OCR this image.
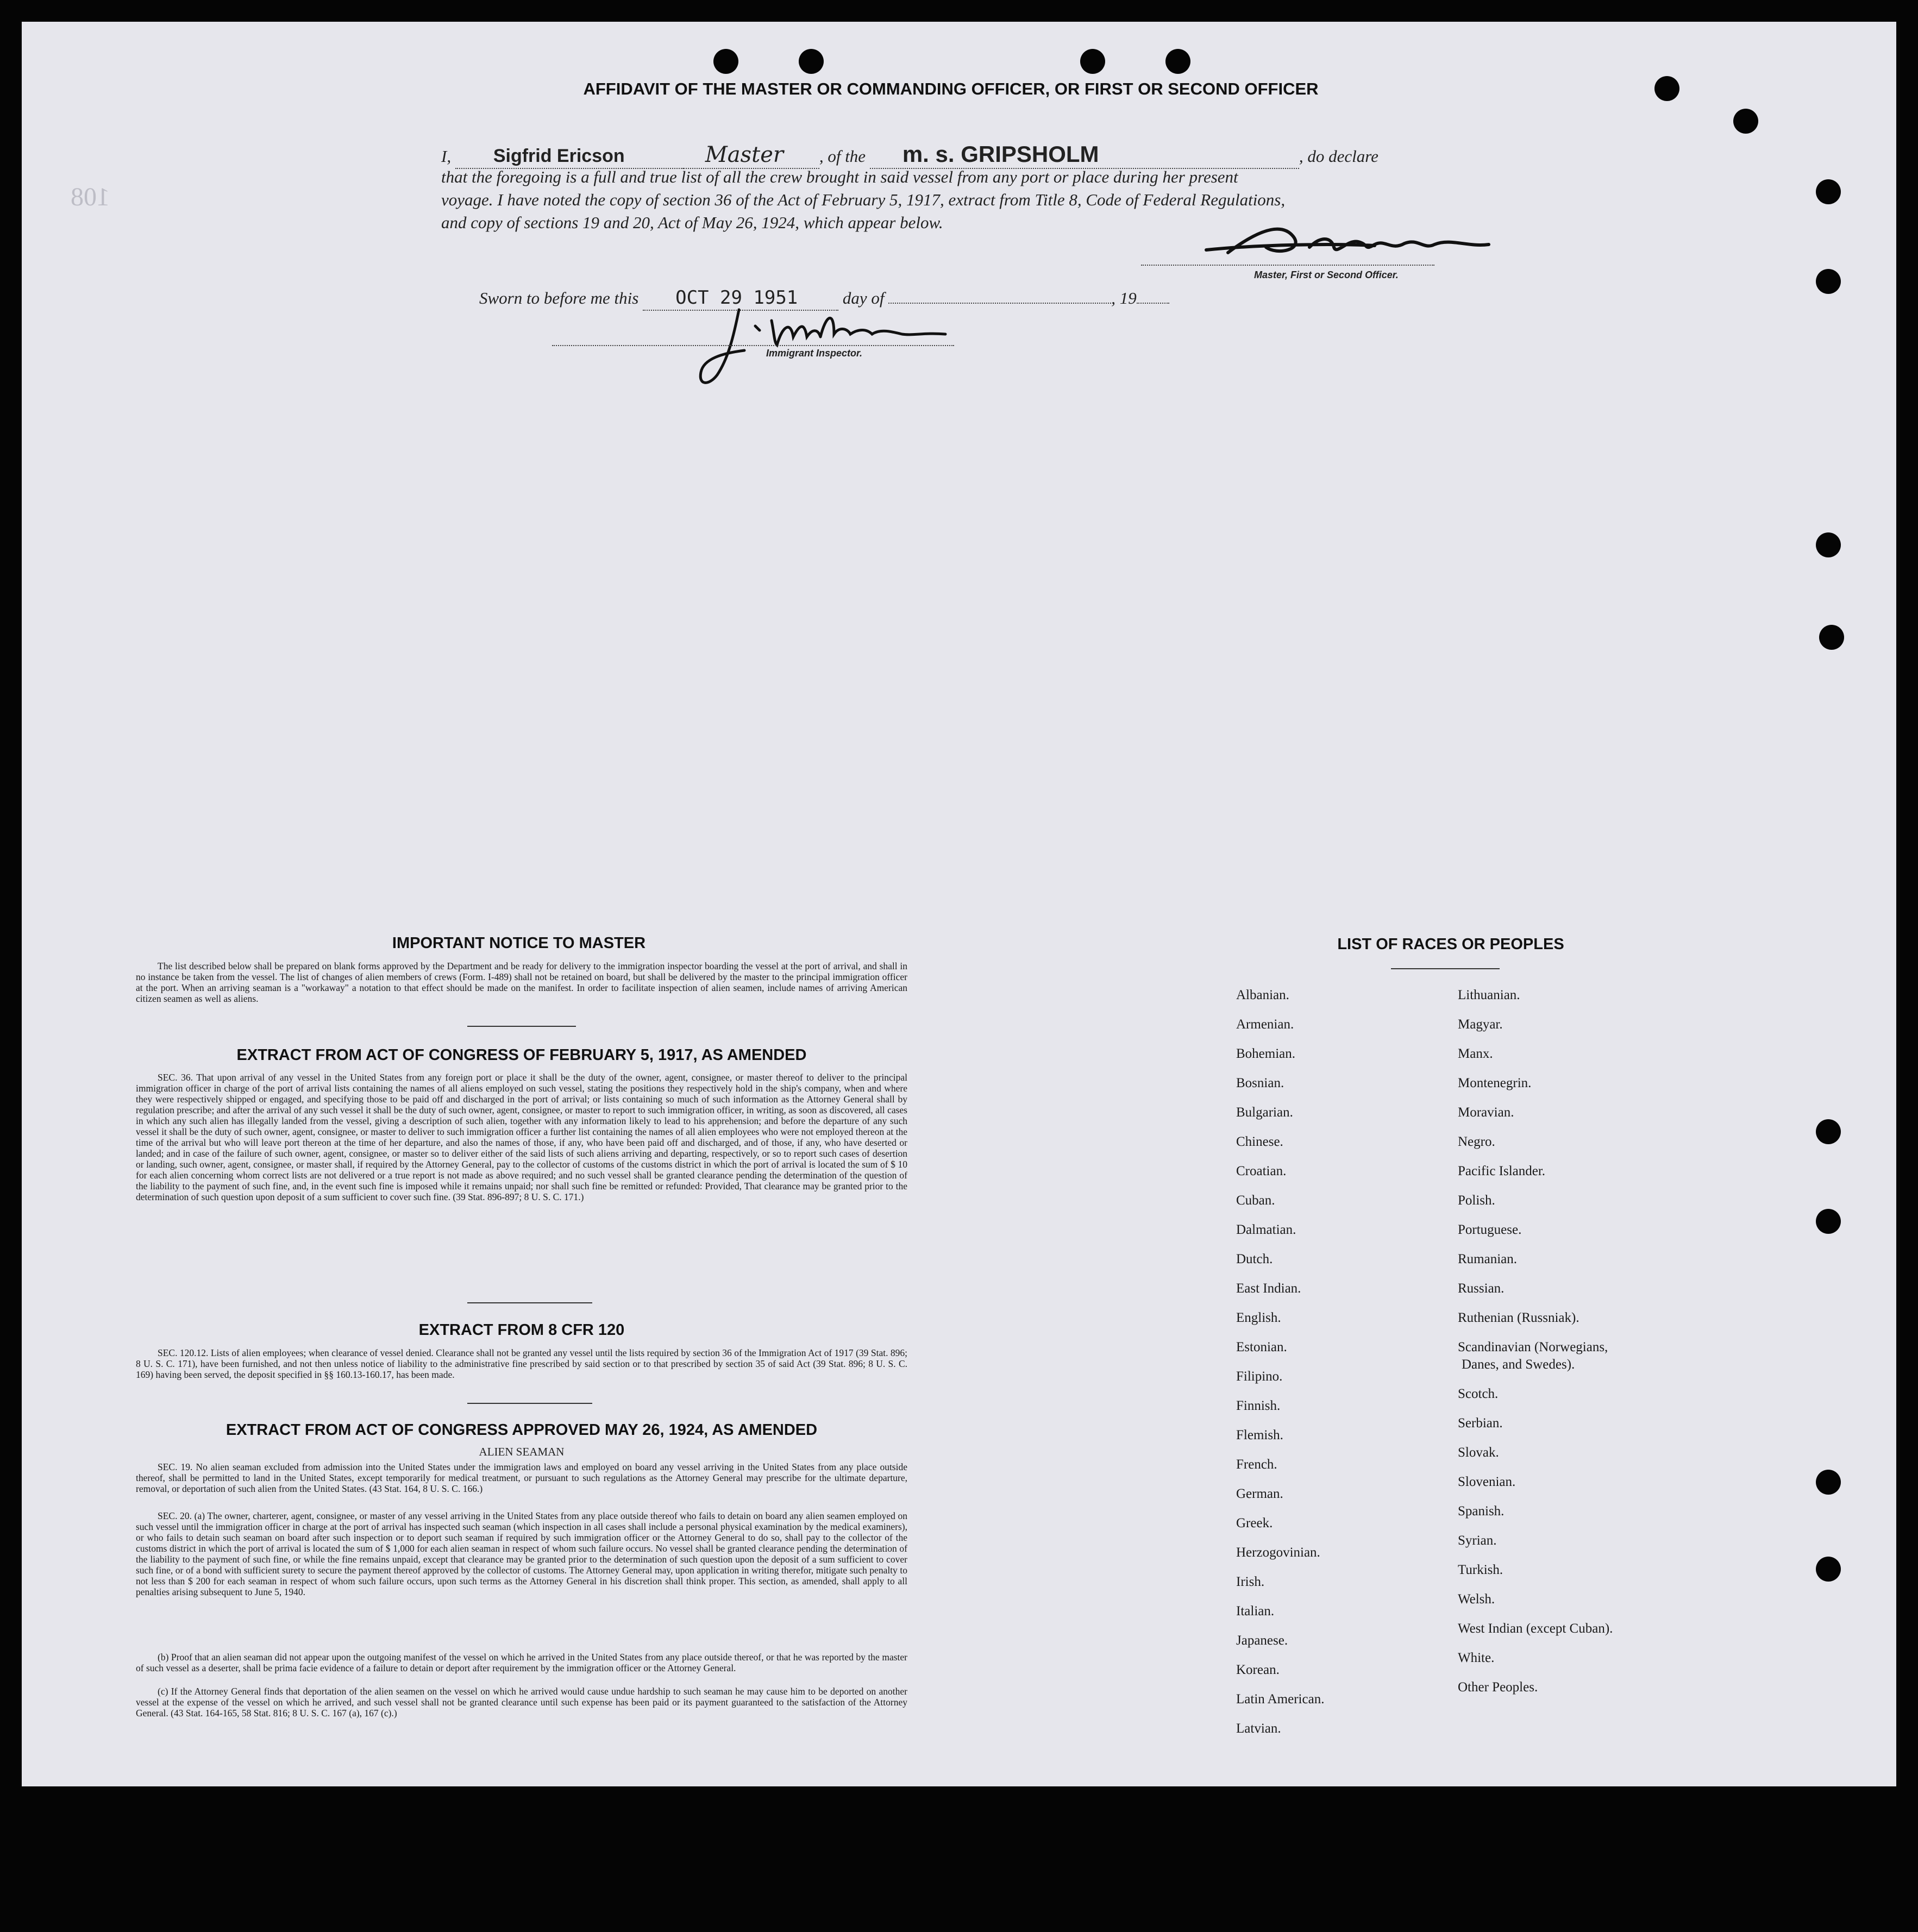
108
AFFIDAVIT OF THE MASTER OR COMMANDING OFFICER, OR FIRST OR SECOND OFFICER
I, Sigfrid Ericson	Master , of the m. s. GRIPSHOLM	, do declare
that the foregoing is a full and true list of all the crew brought in said vessel from any port or place during her present
voyage. I have noted the copy of section 36 of the Act of February 5, 1917, extract from Title 8, Code of Federal Regulations,
and copy of sections 19 and 20, Act of May 26, 1924, which appear below.
Master, First or Second Officer.
Sworn to before me this OCT 29 1951	day of	, 19
Immigrant Inspector.
IMPORTANT NOTICE TO MASTER
The list described below shall be prepared on blank forms approved by the Department and be ready for delivery to the immigration inspector boarding the vessel at the port of arrival, and shall in no instance be taken from the vessel. The list of changes of alien members of crews (Form. I-489) shall not be retained on board, but shall be delivered by the master to the principal immigration officer at the port. When an arriving seaman is a "workaway" a notation to that effect should be made on the manifest. In order to facilitate inspection of alien seamen, include names of arriving American citizen seamen as well as aliens.
EXTRACT FROM ACT OF CONGRESS OF FEBRUARY 5, 1917, AS AMENDED
SEC. 36. That upon arrival of any vessel in the United States from any foreign port or place it shall be the duty of the owner, agent, consignee, or master thereof to deliver to the principal immigration officer in charge of the port of arrival lists containing the names of all aliens employed on such vessel, stating the positions they respectively hold in the ship's company, when and where they were respectively shipped or engaged, and specifying those to be paid off and discharged in the port of arrival; or lists containing so much of such information as the Attorney General shall by regulation prescribe; and after the arrival of any such vessel it shall be the duty of such owner, agent, consignee, or master to report to such immigration officer, in writing, as soon as discovered, all cases in which any such alien has illegally landed from the vessel, giving a description of such alien, together with any information likely to lead to his apprehension; and before the departure of any such vessel it shall be the duty of such owner, agent, consignee, or master to deliver to such immigration officer a further list containing the names of all alien employees who were not employed thereon at the time of the arrival but who will leave port thereon at the time of her departure, and also the names of those, if any, who have been paid off and discharged, and of those, if any, who have deserted or landed; and in case of the failure of such owner, agent, consignee, or master so to deliver either of the said lists of such aliens arriving and departing, respectively, or so to report such cases of desertion or landing, such owner, agent, consignee, or master shall, if required by the Attorney General, pay to the collector of customs of the customs district in which the port of arrival is located the sum of $ 10 for each alien concerning whom correct lists are not delivered or a true report is not made as above required; and no such vessel shall be granted clearance pending the determination of the question of the liability to the payment of such fine, and, in the event such fine is imposed while it remains unpaid; nor shall such fine be remitted or refunded: Provided, That clearance may be granted prior to the determination of such question upon deposit of a sum sufficient to cover such fine. (39 Stat. 896-897; 8 U. S. C. 171.)
EXTRACT FROM 8 CFR 120
SEC. 120.12. Lists of alien employees; when clearance of vessel denied. Clearance shall not be granted any vessel until the lists required by section 36 of the Immigration Act of 1917 (39 Stat. 896; 8 U. S. C. 171), have been furnished, and not then unless notice of liability to the administrative fine prescribed by said section or to that prescribed by section 35 of said Act (39 Stat. 896; 8 U. S. C. 169) having been served, the deposit specified in §§ 160.13-160.17, has been made.
EXTRACT FROM ACT OF CONGRESS APPROVED MAY 26, 1924, AS AMENDED
ALIEN SEAMAN
SEC. 19. No alien seaman excluded from admission into the United States under the immigration laws and employed on board any vessel arriving in the United States from any place outside thereof, shall be permitted to land in the United States, except temporarily for medical treatment, or pursuant to such regulations as the Attorney General may prescribe for the ultimate departure, removal, or deportation of such alien from the United States. (43 Stat. 164, 8 U. S. C. 166.)
SEC. 20. (a) The owner, charterer, agent, consignee, or master of any vessel arriving in the United States from any place outside thereof who fails to detain on board any alien seamen employed on such vessel until the immigration officer in charge at the port of arrival has inspected such seaman (which inspection in all cases shall include a personal physical examination by the medical examiners), or who fails to detain such seaman on board after such inspection or to deport such seaman if required by such immigration officer or the Attorney General to do so, shall pay to the collector of the customs district in which the port of arrival is located the sum of $ 1,000 for each alien seaman in respect of whom such failure occurs. No vessel shall be granted clearance pending the determination of the liability to the payment of such fine, or while the fine remains unpaid, except that clearance may be granted prior to the determination of such question upon the deposit of a sum sufficient to cover such fine, or of a bond with sufficient surety to secure the payment thereof approved by the collector of customs. The Attorney General may, upon application in writing therefor, mitigate such penalty to not less than $ 200 for each seaman in respect of whom such failure occurs, upon such terms as the Attorney General in his discretion shall think proper. This section, as amended, shall apply to all penalties arising subsequent to June 5, 1940.
(b) Proof that an alien seaman did not appear upon the outgoing manifest of the vessel on which he arrived in the United States from any place outside thereof, or that he was reported by the master of such vessel as a deserter, shall be prima facie evidence of a failure to detain or deport after requirement by the immigration officer or the Attorney General.
(c) If the Attorney General finds that deportation of the alien seamen on the vessel on which he arrived would cause undue hardship to such seaman he may cause him to be deported on another vessel at the expense of the vessel on which he arrived, and such vessel shall not be granted clearance until such expense has been paid or its payment guaranteed to the satisfaction of the Attorney General. (43 Stat. 164-165, 58 Stat. 816; 8 U. S. C. 167 (a), 167 (c).)
LIST OF RACES OR PEOPLES
Albanian.
Armenian.
Bohemian.
Bosnian.
Bulgarian.
Chinese.
Croatian.
Cuban.
Dalmatian.
Dutch.
East Indian.
English.
Estonian.
Filipino.
Finnish.
Flemish.
French.
German.
Greek.
Herzogovinian.
Irish.
Italian.
Japanese.
Korean.
Latin American.
Latvian.
Lithuanian.
Magyar.
Manx.
Montenegrin.
Moravian.
Negro.
Pacific Islander.
Polish.
Portuguese.
Rumanian.
Russian.
Ruthenian (Russniak).
Scandinavian (Norwegians,
Danes, and Swedes).
Scotch.
Serbian.
Slovak.
Slovenian.
Spanish.
Syrian.
Turkish.
Welsh.
West Indian (except Cuban).
White.
Other Peoples.
